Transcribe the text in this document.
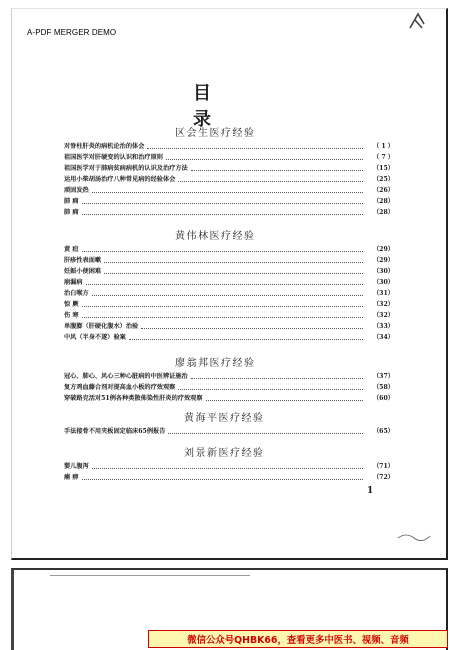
A-PDF MERGER DEMO
目 录
区会生医疗经验
对脊柱肝炎的病机论治的体会	（ 1 ）
祖国医学对肝硬变的认识和治疗原则	（ 7 ）
祖国医学对于肺病贫病病机的认识及治疗方法	（15）
运用小柴胡汤治疗八种常见病的经验体会	（25）
顽固发热	（26）
肺 痈	（28）
肺 痈	（28）
黄伟林医疗经验
黄 疸	（29）
肝疹性表面嗽	（29）
妊娠小便困难	（30）
崩漏病	（30）
治白喉方	（31）
惊 厥	（32）
伤 寒	（32）
单腹膨（肝硬化腹水）治验	（33）
中风（半身不遂）验案	（34）
廖翁邦医疗经验
冠心、肺心、风心三种心脏病的中医辨证施治	（37）
复方鸡血藤合剂对提高血小板的疗效观察	（58）
穿破路克活对51例各种类散佈染性肝炎的疗效观察	（60）
黄海平医疗经验
手法接骨不用夹板固定临床65例报告	（65）
刘景新医疗经验
婴儿腹泻	（71）
痛 痹	（72）
1
微信公众号QHBK66，查看更多中医书、视频、音频
